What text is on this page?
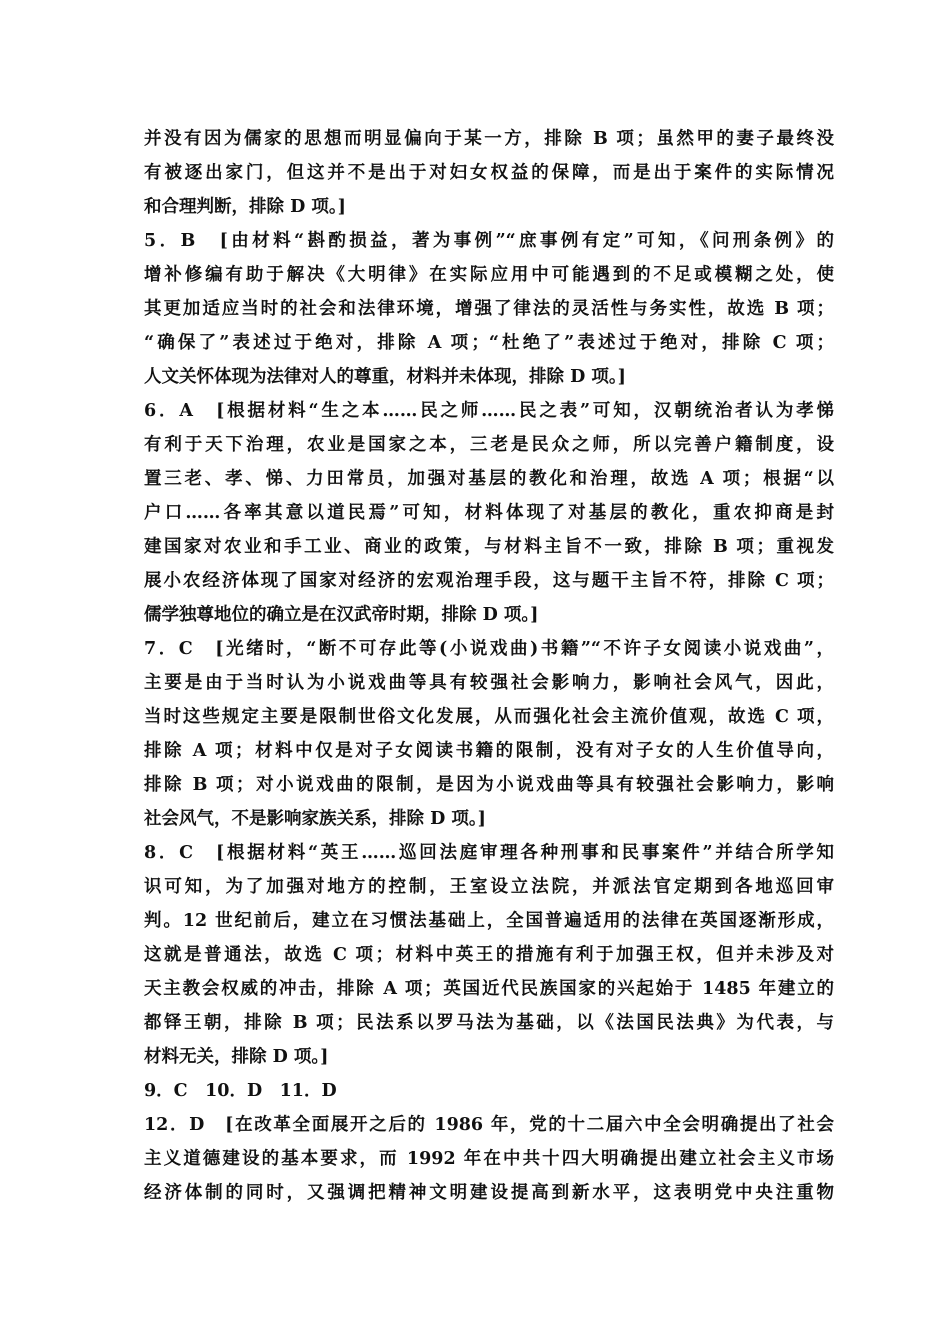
并没有因为儒家的思想而明显偏向于某一方，排除 B 项；虽然甲的妻子最终没
有被逐出家门，但这并不是出于对妇女权益的保障，而是出于案件的实际情况
和合理判断，排除 D 项。]
5．B　[由材料“斟酌损益，著为事例”“庶事例有定”可知，《问刑条例》的
增补修编有助于解决《大明律》在实际应用中可能遇到的不足或模糊之处，使
其更加适应当时的社会和法律环境，增强了律法的灵活性与务实性，故选 B 项；
“确保了”表述过于绝对，排除 A 项；“杜绝了”表述过于绝对，排除 C 项；
人文关怀体现为法律对人的尊重，材料并未体现，排除 D 项。]
6．A　[根据材料“生之本……民之师……民之表”可知，汉朝统治者认为孝悌
有利于天下治理，农业是国家之本，三老是民众之师，所以完善户籍制度，设
置三老、孝、悌、力田常员，加强对基层的教化和治理，故选 A 项；根据“以
户口……各率其意以道民焉”可知，材料体现了对基层的教化，重农抑商是封
建国家对农业和手工业、商业的政策，与材料主旨不一致，排除 B 项；重视发
展小农经济体现了国家对经济的宏观治理手段，这与题干主旨不符，排除 C 项；
儒学独尊地位的确立是在汉武帝时期，排除 D 项。]
7．C　[光绪时，“断不可存此等(小说戏曲)书籍”“不许子女阅读小说戏曲”，
主要是由于当时认为小说戏曲等具有较强社会影响力，影响社会风气，因此，
当时这些规定主要是限制世俗文化发展，从而强化社会主流价值观，故选 C 项，
排除 A 项；材料中仅是对子女阅读书籍的限制，没有对子女的人生价值导向，
排除 B 项；对小说戏曲的限制，是因为小说戏曲等具有较强社会影响力，影响
社会风气，不是影响家族关系，排除 D 项。]
8．C　[根据材料“英王……巡回法庭审理各种刑事和民事案件”并结合所学知
识可知，为了加强对地方的控制，王室设立法院，并派法官定期到各地巡回审
判。12 世纪前后，建立在习惯法基础上，全国普遍适用的法律在英国逐渐形成，
这就是普通法，故选 C 项；材料中英王的措施有利于加强王权，但并未涉及对
天主教会权威的冲击，排除 A 项；英国近代民族国家的兴起始于 1485 年建立的
都铎王朝，排除 B 项；民法系以罗马法为基础，以《法国民法典》为代表，与
材料无关，排除 D 项。]
9．C　10．D　11．D
12．D　[在改革全面展开之后的 1986 年，党的十二届六中全会明确提出了社会
主义道德建设的基本要求，而 1992 年在中共十四大明确提出建立社会主义市场
经济体制的同时，又强调把精神文明建设提高到新水平，这表明党中央注重物
